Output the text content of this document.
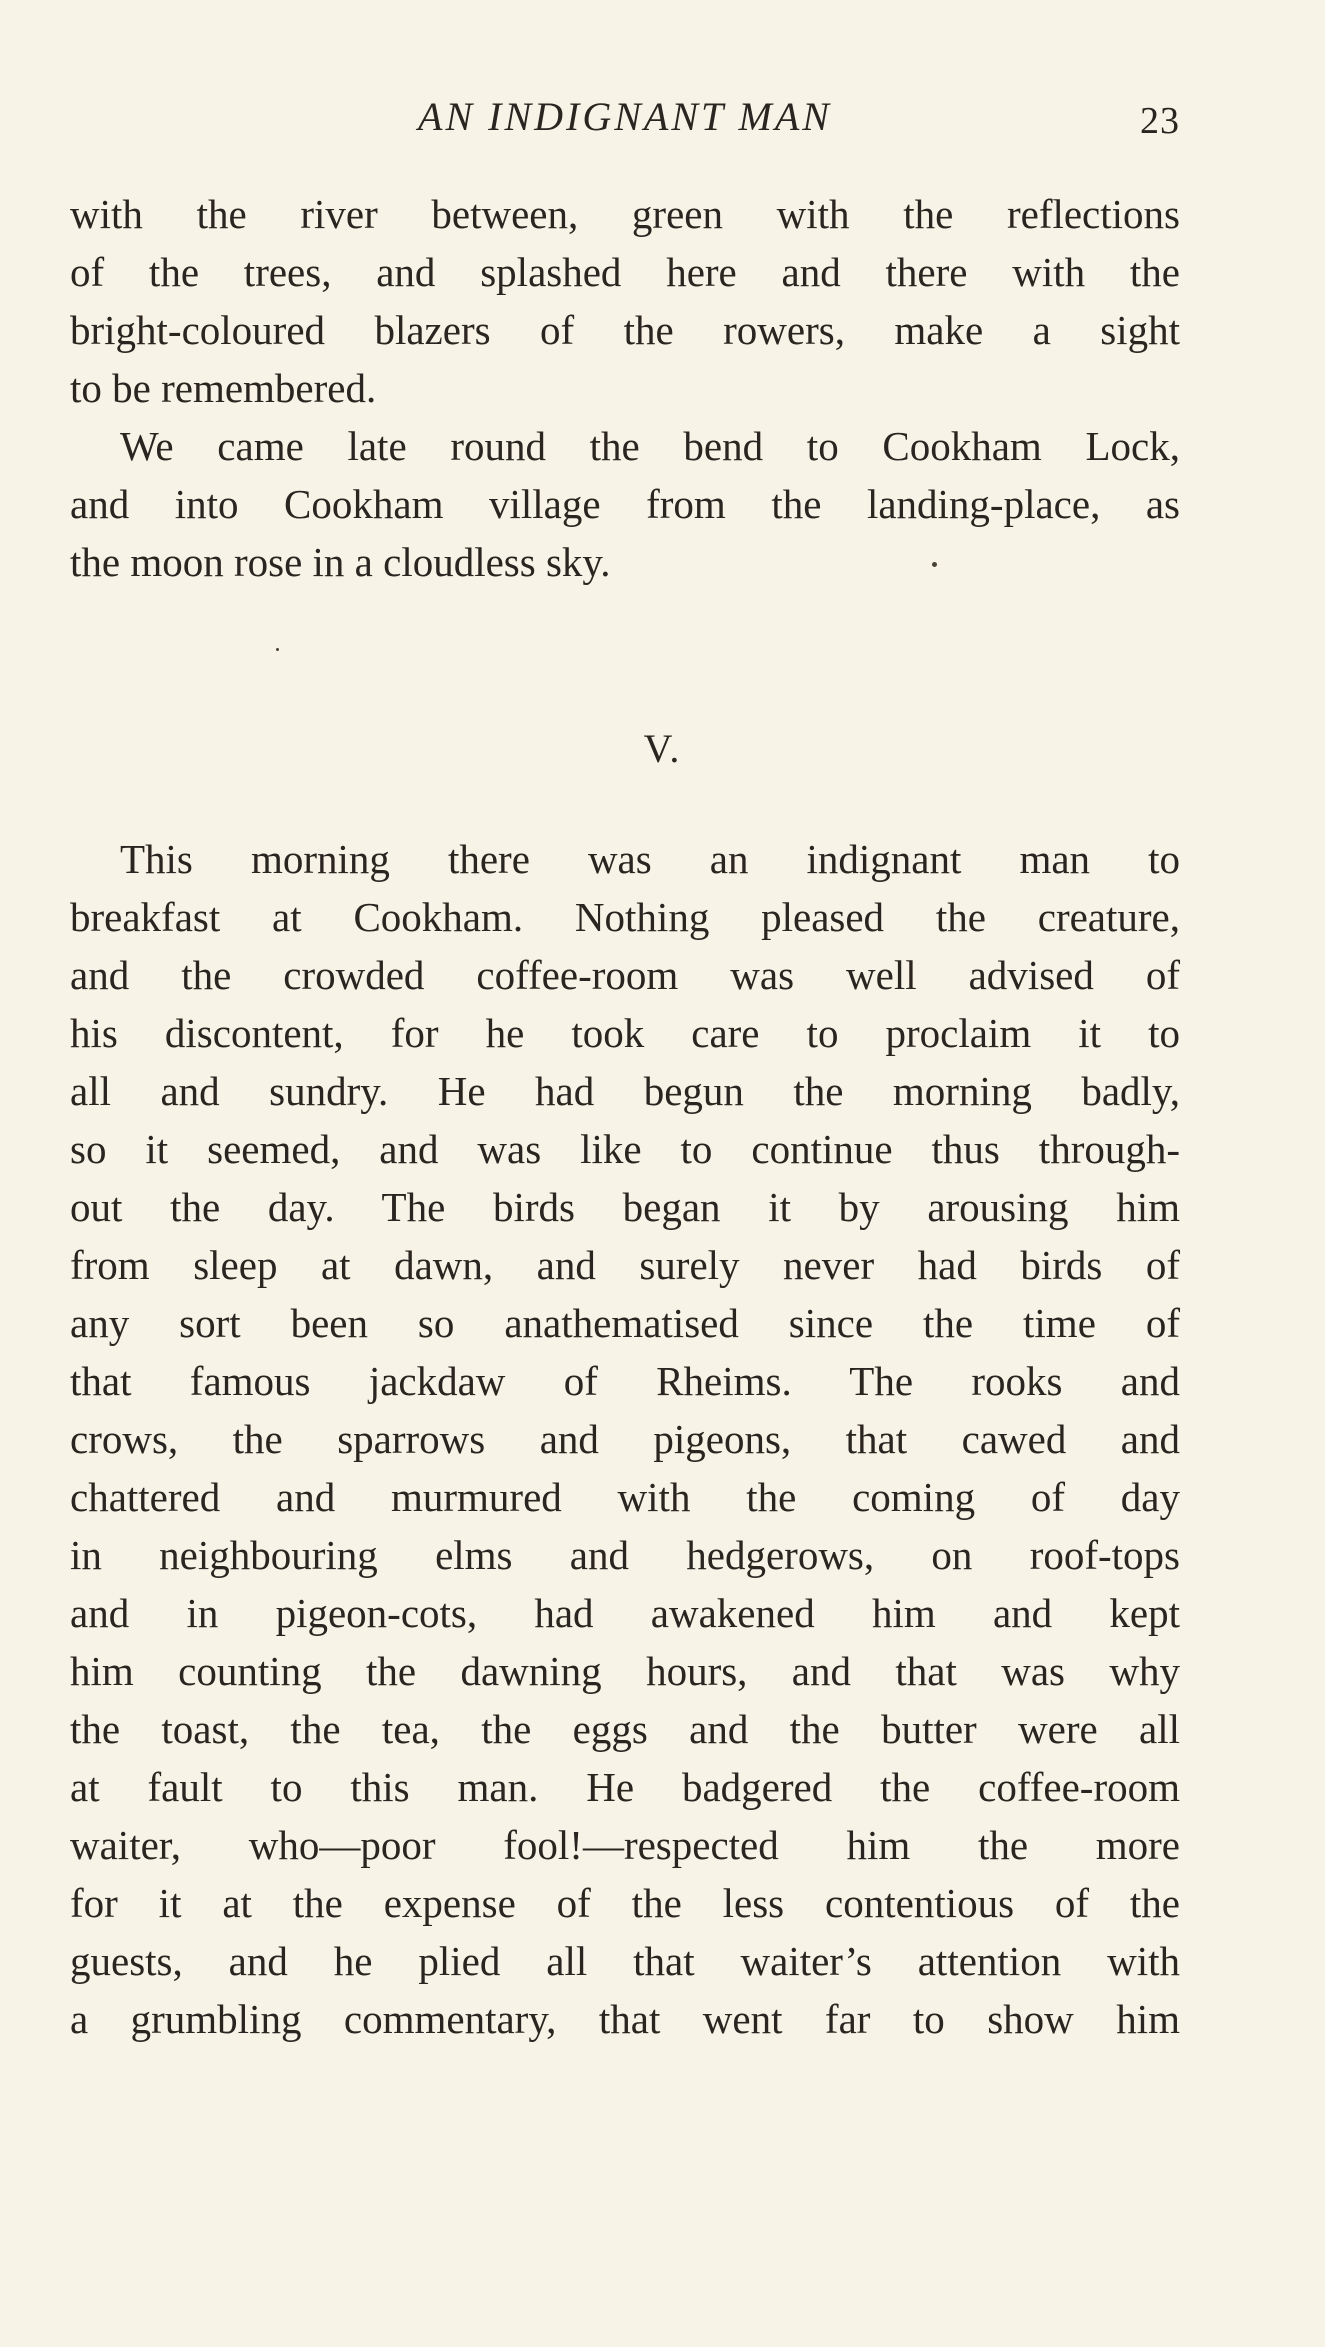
AN INDIGNANT MAN	23
with the river between, green with the reflections
of the trees, and splashed here and there with the
bright-coloured blazers of the rowers, make a sight
to be remembered.
We came late round the bend to Cookham Lock,
and into Cookham village from the landing-place, as
the moon rose in a cloudless sky.
V.
This morning there was an indignant man to
breakfast at Cookham. Nothing pleased the creature,
and the crowded coffee-room was well advised of
his discontent, for he took care to proclaim it to
all and sundry. He had begun the morning badly,
so it seemed, and was like to continue thus through-
out the day. The birds began it by arousing him
from sleep at dawn, and surely never had birds of
any sort been so anathematised since the time of
that famous jackdaw of Rheims. The rooks and
crows, the sparrows and pigeons, that cawed and
chattered and murmured with the coming of day
in neighbouring elms and hedgerows, on roof-tops
and in pigeon-cots, had awakened him and kept
him counting the dawning hours, and that was why
the toast, the tea, the eggs and the butter were all
at fault to this man. He badgered the coffee-room
waiter, who—poor fool!—respected him the more
for it at the expense of the less contentious of the
guests, and he plied all that waiter’s attention with
a grumbling commentary, that went far to show him
